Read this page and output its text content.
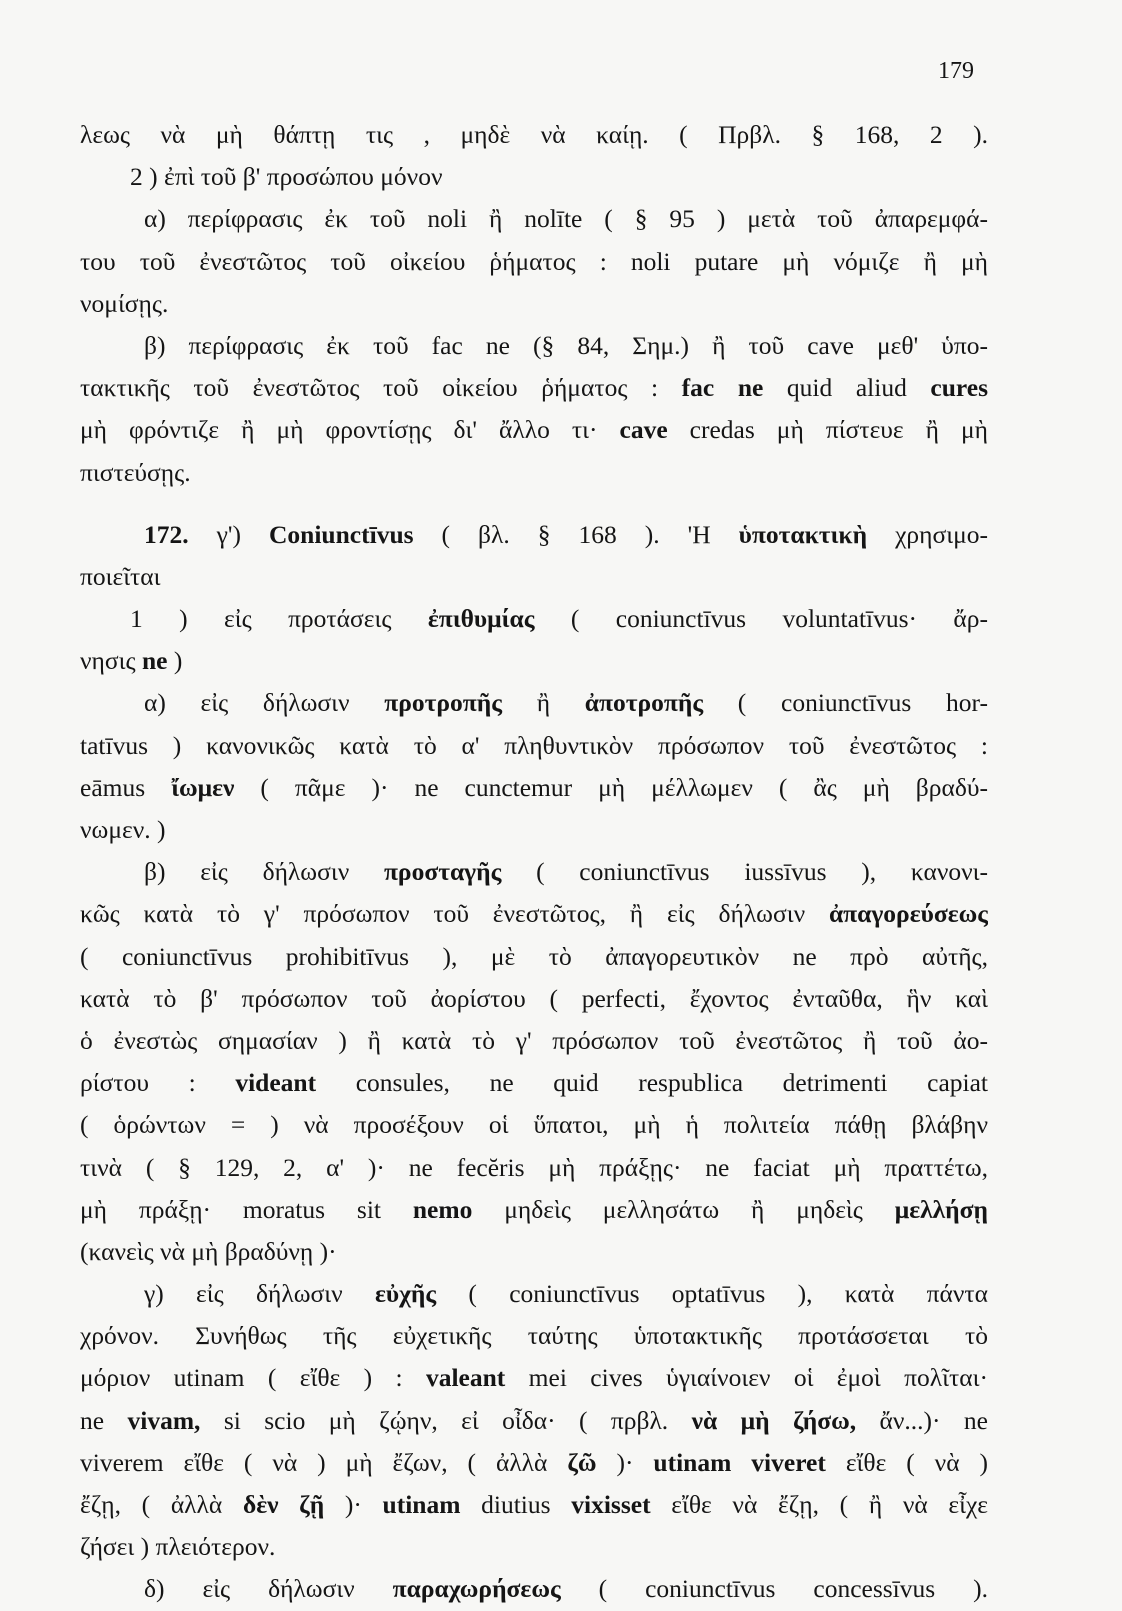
179
λεως νὰ μὴ θάπτῃ τις , μηδὲ νὰ καίῃ. ( Πρβλ. § 168, 2 ).
2 ) ἐπὶ τοῦ β' προσώπου μόνον
α) περίφρασις ἐκ τοῦ noli ἢ nolīte ( § 95 ) μετὰ τοῦ ἀπαρεμφά-
του τοῦ ἐνεστῶτος τοῦ οἰκείου ῥήματος : noli putare μὴ νόμιζε ἢ μὴ
νομίσῃς.
β) περίφρασις ἐκ τοῦ fac ne (§ 84, Σημ.) ἢ τοῦ cave μεθ' ὑπο-
τακτικῆς τοῦ ἐνεστῶτος τοῦ οἰκείου ῥήματος : fac ne quid aliud cures
μὴ φρόντιζε ἢ μὴ φροντίσῃς δι' ἄλλο τι· cave credas μὴ πίστευε ἢ μὴ
πιστεύσῃς.
172. γ') Coniunctīvus ( βλ. § 168 ). 'Η ὑποτακτικὴ χρησιμο-
ποιεῖται
1 ) εἰς προτάσεις ἐπιθυμίας ( coniunctīvus voluntatīvus· ἄρ-
νησις ne )
α) εἰς δήλωσιν προτροπῆς ἢ ἀποτροπῆς ( coniunctīvus hor-
tatīvus ) κανονικῶς κατὰ τὸ α' πληθυντικὸν πρόσωπον τοῦ ἐνεστῶτος :
eāmus ἴωμεν ( πᾶμε )· ne cunctemur μὴ μέλλωμεν ( ἂς μὴ βραδύ-
νωμεν. )
β) εἰς δήλωσιν προσταγῆς ( coniunctīvus iussīvus ), κανονι-
κῶς κατὰ τὸ γ' πρόσωπον τοῦ ἐνεστῶτος, ἢ εἰς δήλωσιν ἀπαγορεύσεως
( coniunctīvus prohibitīvus ), μὲ τὸ ἀπαγορευτικὸν ne πρὸ αὐτῆς,
κατὰ τὸ β' πρόσωπον τοῦ ἀορίστου ( perfecti, ἔχοντος ἐνταῦθα, ἣν καὶ
ὁ ἐνεστὼς σημασίαν ) ἢ κατὰ τὸ γ' πρόσωπον τοῦ ἐνεστῶτος ἢ τοῦ ἀο-
ρίστου : videant consules, ne quid respublica detrimenti capiat
( ὁρώντων = ) νὰ προσέξουν οἱ ὕπατοι, μὴ ἡ πολιτεία πάθῃ βλάβην
τινὰ ( § 129, 2, α' )· ne fecĕris μὴ πράξῃς· ne faciat μὴ πραττέτω,
μὴ πράξῃ· moratus sit nemo μηδεὶς μελλησάτω ἢ μηδεὶς μελλήσῃ
(κανεὶς νὰ μὴ βραδύνῃ )·
γ) εἰς δήλωσιν εὐχῆς ( coniunctīvus optatīvus ), κατὰ πάντα
χρόνον. Συνήθως τῆς εὐχετικῆς ταύτης ὑποτακτικῆς προτάσσεται τὸ
μόριον utinam ( εἴθε ) : valeant mei cives ὑγιαίνοιεν οἱ ἐμοὶ πολῖται·
ne vivam, si scio μὴ ζῴην, εἰ οἶδα· ( πρβλ. νὰ μὴ ζήσω, ἄν...)· ne
viverem εἴθε ( νὰ ) μὴ ἔζων, ( ἀλλὰ ζῶ )· utinam viveret εἴθε ( νὰ )
ἔζῃ, ( ἀλλὰ δὲν ζῇ )· utinam diutius vixisset εἴθε νὰ ἔζῃ, ( ἢ νὰ εἶχε
ζήσει ) πλειότερον.
δ) εἰς δήλωσιν παραχωρήσεως ( coniunctīvus concessīvus ).
